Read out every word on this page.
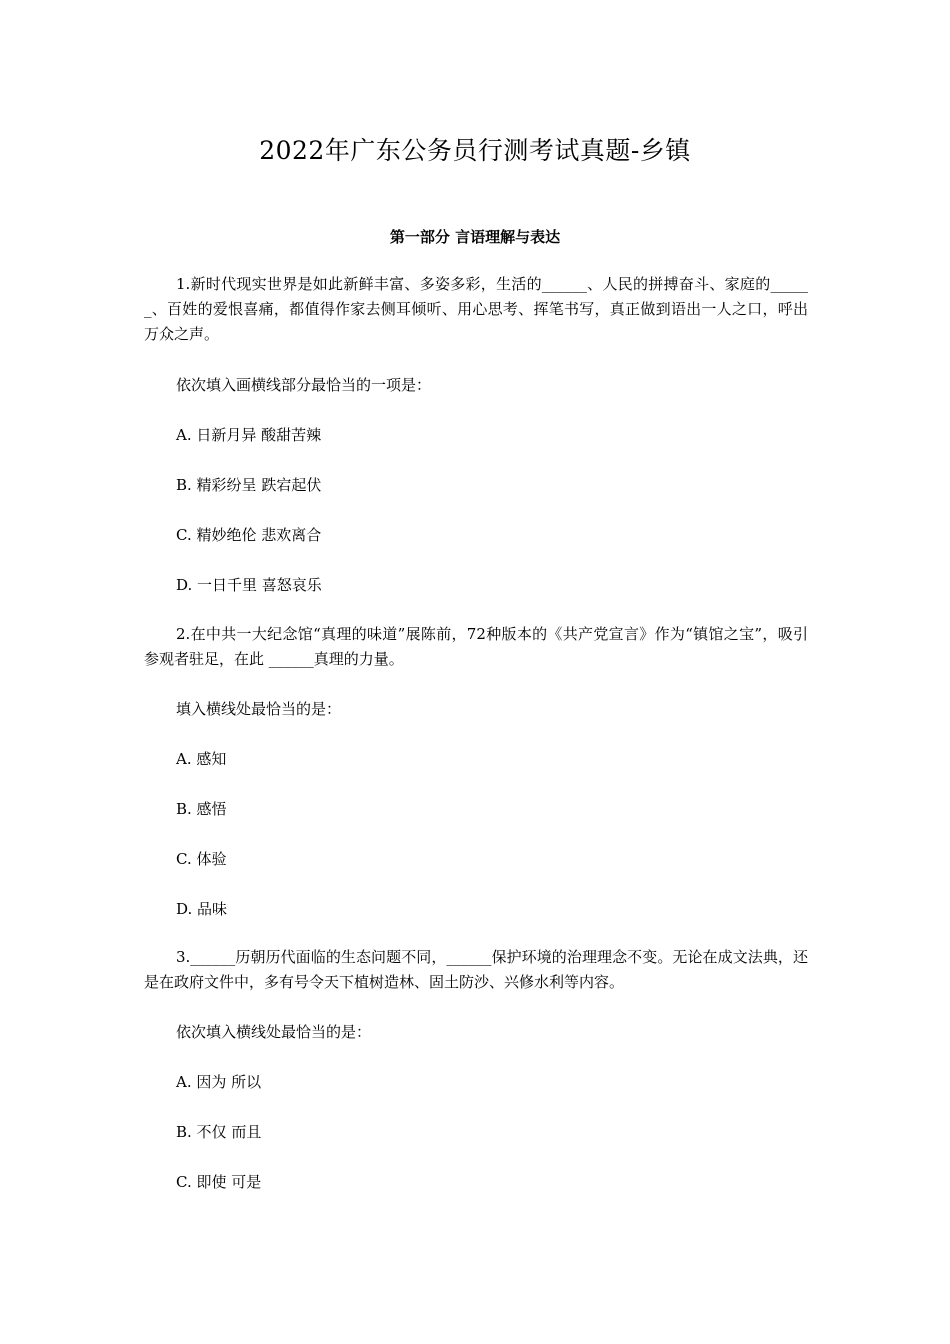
2022年广东公务员行测考试真题-乡镇
第一部分 言语理解与表达
1.新时代现实世界是如此新鲜丰富、多姿多彩，生活的______、人民的拼搏奋斗、家庭的______、百姓的爱恨喜痛，都值得作家去侧耳倾听、用心思考、挥笔书写，真正做到语出一人之口，呼出万众之声。
依次填入画横线部分最恰当的一项是：
A. 日新月异 酸甜苦辣
B. 精彩纷呈 跌宕起伏
C. 精妙绝伦 悲欢离合
D. 一日千里 喜怒哀乐
2.在中共一大纪念馆“真理的味道”展陈前，72种版本的《共产党宣言》作为“镇馆之宝”，吸引参观者驻足，在此 ______真理的力量。
填入横线处最恰当的是：
A. 感知
B. 感悟
C. 体验
D. 品味
3.______历朝历代面临的生态问题不同，______保护环境的治理理念不变。无论在成文法典，还是在政府文件中，多有号令天下植树造林、固土防沙、兴修水利等内容。
依次填入横线处最恰当的是：
A. 因为 所以
B. 不仅 而且
C. 即使 可是
